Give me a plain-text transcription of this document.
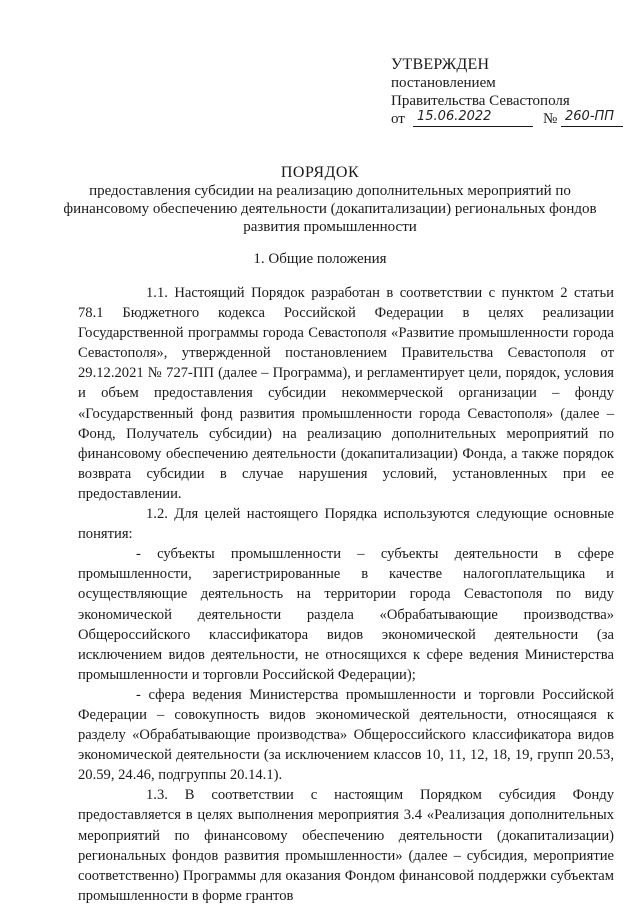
УТВЕРЖДЕН
постановлением
Правительства Севастополя
от 15.06.2022	№ 260-ПП
ПОРЯДОК
предоставления субсидии на реализацию дополнительных мероприятий по финансовому обеспечению деятельности (докапитализации) региональных фондов развития промышленности
1. Общие положения

1.1. Настоящий Порядок разработан в соответствии с пунктом 2 статьи 78.1 Бюджетного кодекса Российской Федерации в целях реализации Государственной программы города Севастополя «Развитие промышленности города Севастополя», утвержденной постановлением Правительства Севастополя от 29.12.2021 № 727-ПП (далее – Программа), и регламентирует цели, порядок, условия и объем предоставления субсидии некоммерческой организации – фонду «Государственный фонд развития промышленности города Севастополя» (далее – Фонд, Получатель субсидии) на реализацию дополнительных мероприятий по финансовому обеспечению деятельности (докапитализации) Фонда, а также порядок возврата субсидии в случае нарушения условий, установленных при ее предоставлении.

1.2. Для целей настоящего Порядка используются следующие основные понятия:

- субъекты промышленности – субъекты деятельности в сфере промышленности, зарегистрированные в качестве налогоплательщика и осуществляющие деятельность на территории города Севастополя по виду экономической деятельности раздела «Обрабатывающие производства» Общероссийского классификатора видов экономической деятельности (за исключением видов деятельности, не относящихся к сфере ведения Министерства промышленности и торговли Российской Федерации);

- сфера ведения Министерства промышленности и торговли Российской Федерации – совокупность видов экономической деятельности, относящаяся к разделу «Обрабатывающие производства» Общероссийского классификатора видов экономической деятельности (за исключением классов 10, 11, 12, 18, 19, групп 20.53, 20.59, 24.46, подгруппы 20.14.1).

1.3. В соответствии с настоящим Порядком субсидия Фонду предоставляется в целях выполнения мероприятия 3.4 «Реализация дополнительных мероприятий по финансовому обеспечению деятельности (докапитализации) региональных фондов развития промышленности» (далее – субсидия, мероприятие соответственно) Программы для оказания Фондом финансовой поддержки субъектам промышленности в форме грантов
